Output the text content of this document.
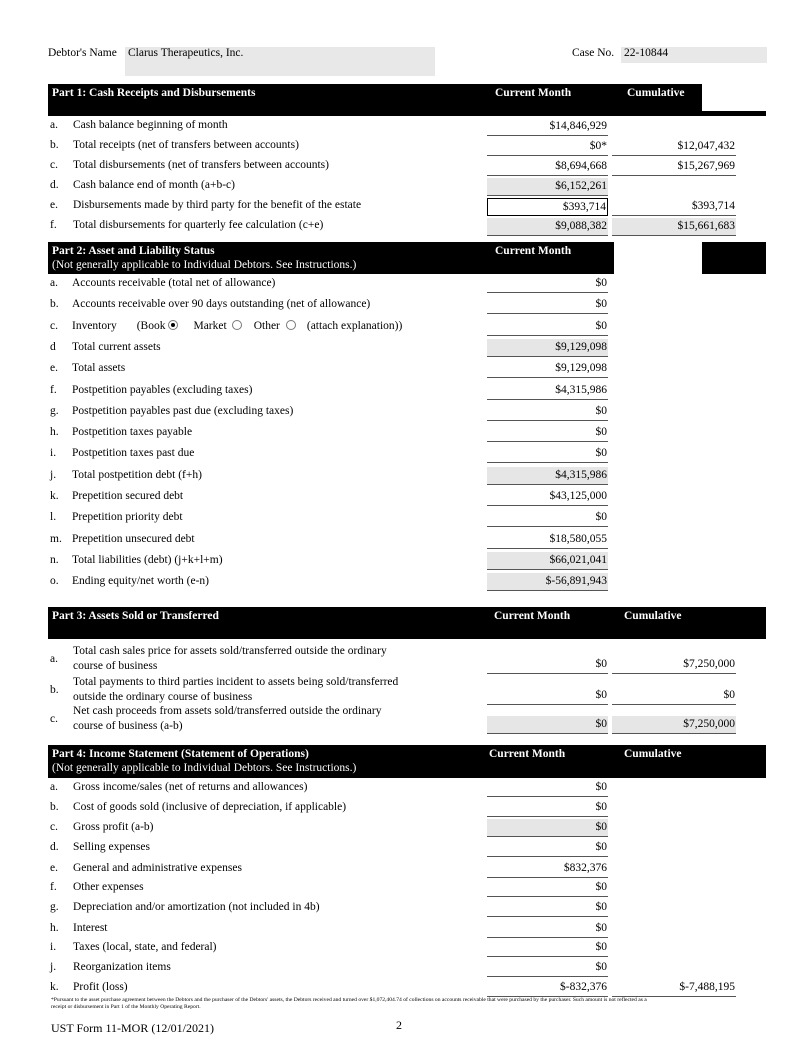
Debtor's Name Clarus Therapeutics, Inc.	Case No. 22-10844
Part 1: Cash Receipts and Disbursements	Current Month	Cumulative
a.	Cash balance beginning of month	$14,846,929
b.	Total receipts (net of transfers between accounts)	$0*	$12,047,432
c.	Total disbursements (net of transfers between accounts)	$8,694,668	$15,267,969
d.	Cash balance end of month (a+b-c)	$6,152,261
e.	Disbursements made by third party for the benefit of the estate	$393,714	$393,714
f.	Total disbursements for quarterly fee calculation (c+e)	$9,088,382	$15,661,683
Part 2: Asset and Liability Status
(Not generally applicable to Individual Debtors. See Instructions.)
Current Month
a.	Accounts receivable (total net of allowance)	$0
b.	Accounts receivable over 90 days outstanding (net of allowance)	$0
c.	Inventory (Book Market Other (attach explanation))	$0
d	Total current assets	$9,129,098
e.	Total assets	$9,129,098
f.	Postpetition payables (excluding taxes)	$4,315,986
g.	Postpetition payables past due (excluding taxes)	$0
h.	Postpetition taxes payable	$0
i.	Postpetition taxes past due	$0
j.	Total postpetition debt (f+h)	$4,315,986
k.	Prepetition secured debt	$43,125,000
l.	Prepetition priority debt	$0
m. Prepetition unsecured debt	$18,580,055
n.	Total liabilities (debt) (j+k+l+m)	$66,021,041
o.	Ending equity/net worth (e-n)	$-56,891,943
Part 3: Assets Sold or Transferred	Current Month	Cumulative
a.
Total cash sales price for assets sold/transferred outside the ordinary
course of business	$0	$7,250,000
b.
Total payments to third parties incident to assets being sold/transferred
outside the ordinary course of business	$0	$0
c.
Net cash proceeds from assets sold/transferred outside the ordinary
course of business (a-b)	$0	$7,250,000
Part 4: Income Statement (Statement of Operations)
(Not generally applicable to Individual Debtors. See Instructions.)
Current Month	Cumulative
a.	Gross income/sales (net of returns and allowances)	$0
b.	Cost of goods sold (inclusive of depreciation, if applicable)	$0
c.	Gross profit (a-b)	$0
d.	Selling expenses	$0
e.	General and administrative expenses	$832,376
f.	Other expenses	$0
g.	Depreciation and/or amortization (not included in 4b)	$0
h.	Interest	$0
i.	Taxes (local, state, and federal)	$0
j.	Reorganization items	$0
k.	Profit (loss)	$-832,376	$-7,488,195
*Pursuant to the asset purchase agreement between the Debtors and the purchaser of the Debtors' assets, the Debtors received and turned over $1,072,404.74 of collections on accounts receivable that were purchased by the purchaser. Such amount is not reflected as a receipt or disbursement in Part 1 of the Monthly Operating Report.
UST Form 11-MOR (12/01/2021)	2
